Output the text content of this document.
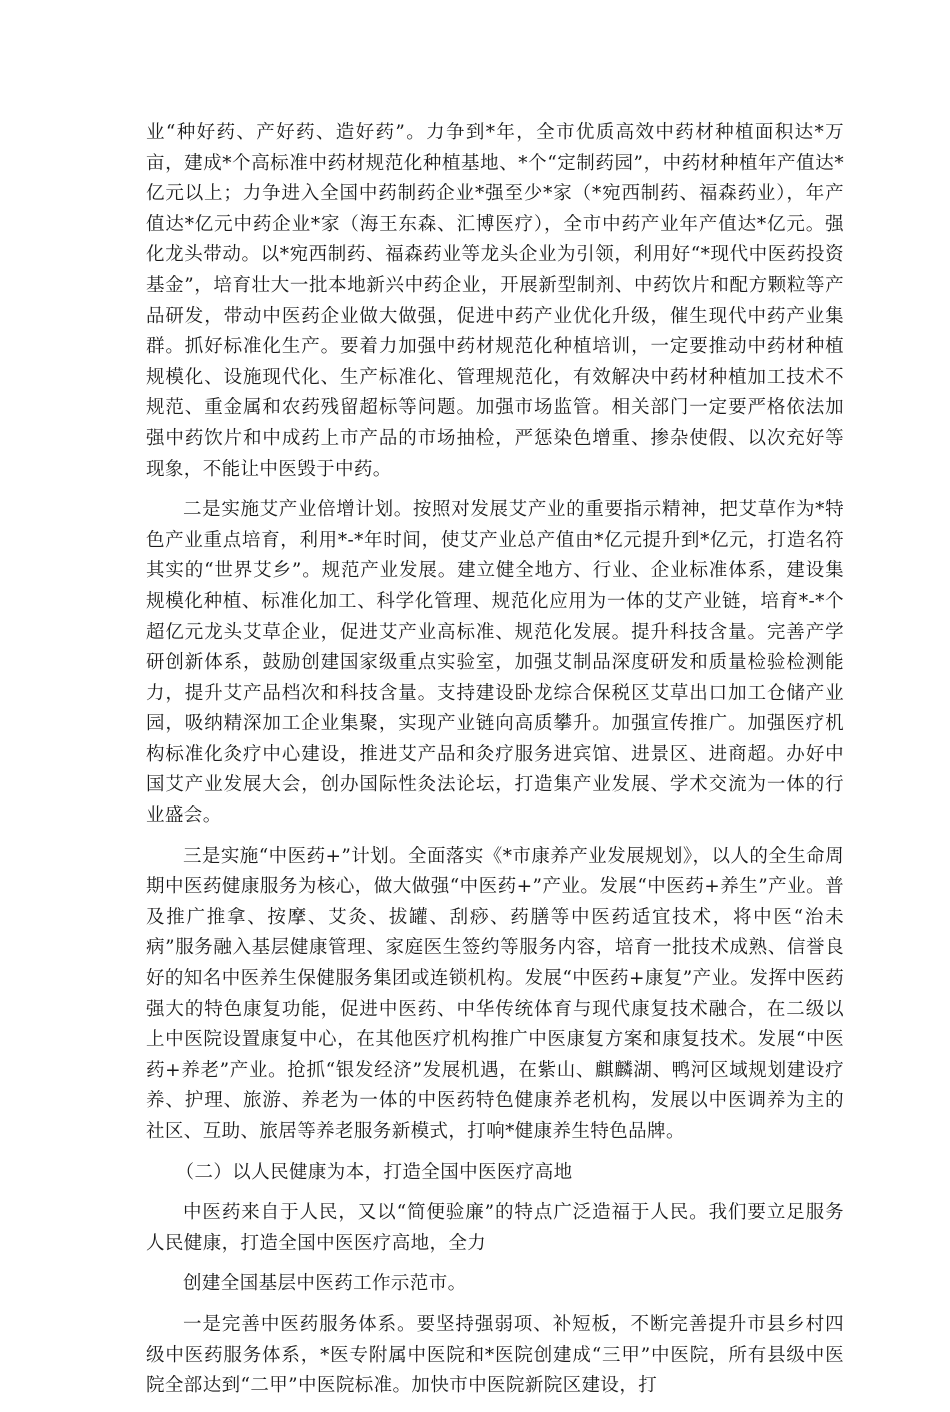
业“种好药、产好药、造好药”。力争到*年，全市优质高效中药材种植面积达*万亩，建成*个高标准中药材规范化种植基地、*个“定制药园”，中药材种植年产值达*亿元以上；力争进入全国中药制药企业*强至少*家（*宛西制药、福森药业），年产值达*亿元中药企业*家（海王东森、汇博医疗），全市中药产业年产值达*亿元。强化龙头带动。以*宛西制药、福森药业等龙头企业为引领，利用好“*现代中医药投资基金”，培育壮大一批本地新兴中药企业，开展新型制剂、中药饮片和配方颗粒等产品研发，带动中医药企业做大做强，促进中药产业优化升级，催生现代中药产业集群。抓好标准化生产。要着力加强中药材规范化种植培训，一定要推动中药材种植规模化、设施现代化、生产标准化、管理规范化，有效解决中药材种植加工技术不规范、重金属和农药残留超标等问题。加强市场监管。相关部门一定要严格依法加强中药饮片和中成药上市产品的市场抽检，严惩染色增重、掺杂使假、以次充好等现象，不能让中医毁于中药。

二是实施艾产业倍增计划。按照对发展艾产业的重要指示精神，把艾草作为*特色产业重点培育，利用*-*年时间，使艾产业总产值由*亿元提升到*亿元，打造名符其实的“世界艾乡”。规范产业发展。建立健全地方、行业、企业标准体系，建设集规模化种植、标准化加工、科学化管理、规范化应用为一体的艾产业链，培育*-*个超亿元龙头艾草企业，促进艾产业高标准、规范化发展。提升科技含量。完善产学研创新体系，鼓励创建国家级重点实验室，加强艾制品深度研发和质量检验检测能力，提升艾产品档次和科技含量。支持建设卧龙综合保税区艾草出口加工仓储产业园，吸纳精深加工企业集聚，实现产业链向高质攀升。加强宣传推广。加强医疗机构标准化灸疗中心建设，推进艾产品和灸疗服务进宾馆、进景区、进商超。办好中国艾产业发展大会，创办国际性灸法论坛，打造集产业发展、学术交流为一体的行业盛会。

三是实施“中医药+”计划。全面落实《*市康养产业发展规划》，以人的全生命周期中医药健康服务为核心，做大做强“中医药+”产业。发展“中医药+养生”产业。普及推广推拿、按摩、艾灸、拔罐、刮痧、药膳等中医药适宜技术，将中医“治未病”服务融入基层健康管理、家庭医生签约等服务内容，培育一批技术成熟、信誉良好的知名中医养生保健服务集团或连锁机构。发展“中医药+康复”产业。发挥中医药强大的特色康复功能，促进中医药、中华传统体育与现代康复技术融合，在二级以上中医院设置康复中心，在其他医疗机构推广中医康复方案和康复技术。发展“中医药+养老”产业。抢抓“银发经济”发展机遇，在紫山、麒麟湖、鸭河区域规划建设疗养、护理、旅游、养老为一体的中医药特色健康养老机构，发展以中医调养为主的社区、互助、旅居等养老服务新模式，打响*健康养生特色品牌。

（二）以人民健康为本，打造全国中医医疗高地

中医药来自于人民，又以“简便验廉”的特点广泛造福于人民。我们要立足服务人民健康，打造全国中医医疗高地，全力

创建全国基层中医药工作示范市。

一是完善中医药服务体系。要坚持强弱项、补短板，不断完善提升市县乡村四级中医药服务体系，*医专附属中医院和*医院创建成“三甲”中医院，所有县级中医院全部达到“二甲”中医院标准。加快市中医院新院区建设，打
